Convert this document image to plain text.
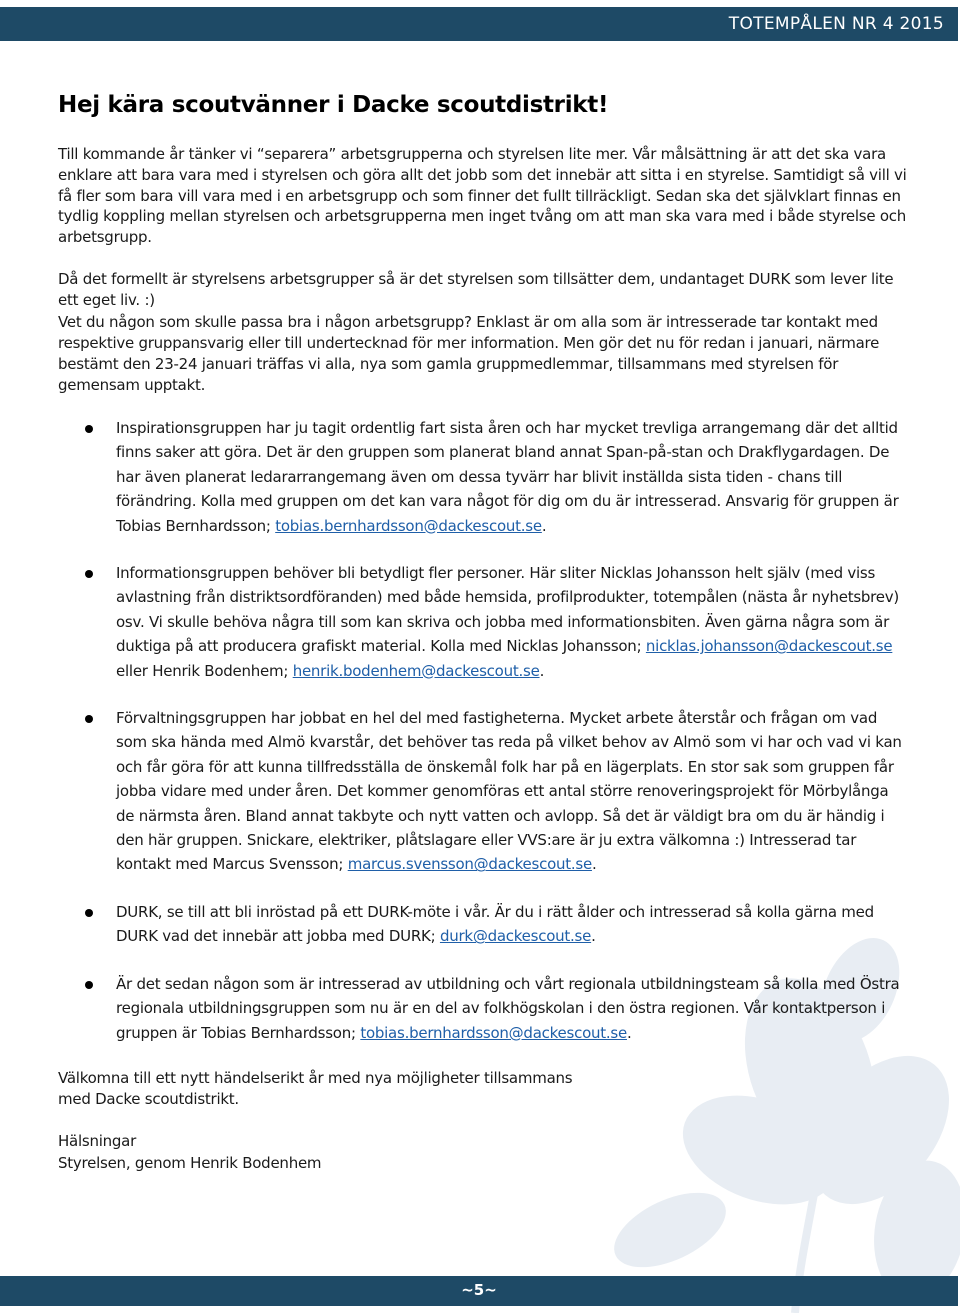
TOTEMPÅLEN NR 4 2015
Hej kära scoutvänner i Dacke scoutdistrikt!
Till kommande år tänker vi “separera” arbetsgrupperna och styrelsen lite mer. Vår målsättning är att det ska vara enklare att bara vara med i styrelsen och göra allt det jobb som det innebär att sitta i en styrelse. Samtidigt så vill vi få fler som bara vill vara med i en arbetsgrupp och som finner det fullt tillräckligt. Sedan ska det självklart finnas en tydlig koppling mellan styrelsen och arbetsgrupperna men inget tvång om att man ska vara med i både styrelse och arbetsgrupp.
Då det formellt är styrelsens arbetsgrupper så är det styrelsen som tillsätter dem, undantaget DURK som lever lite ett eget liv. :)
Vet du någon som skulle passa bra i någon arbetsgrupp? Enklast är om alla som är intresserade tar kontakt med respektive gruppansvarig eller till undertecknad för mer information. Men gör det nu för redan i januari, närmare bestämt den 23-24 januari träffas vi alla, nya som gamla gruppmedlemmar, tillsammans med styrelsen för gemensam upptakt.
Inspirationsgruppen har ju tagit ordentlig fart sista åren och har mycket trevliga arrangemang där det alltid finns saker att göra. Det är den gruppen som planerat bland annat Span-på-stan och Drakflygardagen. De har även planerat ledararrangemang även om dessa tyvärr har blivit inställda sista tiden - chans till förändring. Kolla med gruppen om det kan vara något för dig om du är intresserad. Ansvarig för gruppen är Tobias Bernhardsson; tobias.bernhardsson@dackescout.se.
Informationsgruppen behöver bli betydligt fler personer. Här sliter Nicklas Johansson helt själv (med viss avlastning från distriktsordföranden) med både hemsida, profilprodukter, totempålen (nästa år nyhetsbrev) osv. Vi skulle behöva några till som kan skriva och jobba med informationsbiten. Även gärna några som är duktiga på att producera grafiskt material. Kolla med Nicklas Johansson; nicklas.johansson@dackescout.se eller Henrik Bodenhem; henrik.bodenhem@dackescout.se.
Förvaltningsgruppen har jobbat en hel del med fastigheterna. Mycket arbete återstår och frågan om vad som ska hända med Almö kvarstår, det behöver tas reda på vilket behov av Almö som vi har och vad vi kan och får göra för att kunna tillfredsställa de önskemål folk har på en lägerplats. En stor sak som gruppen får jobba vidare med under åren. Det kommer genomföras ett antal större renoveringsprojekt för Mörbylånga de närmsta åren. Bland annat takbyte och nytt vatten och avlopp. Så det är väldigt bra om du är händig i den här gruppen. Snickare, elektriker, plåtslagare eller VVS:are är ju extra välkomna :) Intresserad tar kontakt med Marcus Svensson; marcus.svensson@dackescout.se.
DURK, se till att bli inröstad på ett DURK-möte i vår. Är du i rätt ålder och intresserad så kolla gärna med DURK vad det innebär att jobba med DURK; durk@dackescout.se.
Är det sedan någon som är intresserad av utbildning och vårt regionala utbildningsteam så kolla med Östra regionala utbildningsgruppen som nu är en del av folkhögskolan i den östra regionen. Vår kontaktperson i gruppen är Tobias Bernhardsson; tobias.bernhardsson@dackescout.se.
Välkomna till ett nytt händelserikt år med nya möjligheter tillsammans
med Dacke scoutdistrikt.
Hälsningar
Styrelsen, genom Henrik Bodenhem
~5~
